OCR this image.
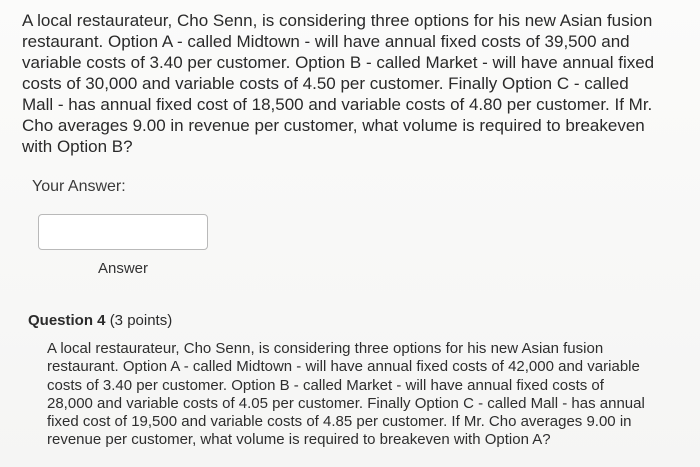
A local restaurateur, Cho Senn, is considering three options for his new Asian fusion restaurant. Option A - called Midtown - will have annual fixed costs of 39,500 and variable costs of 3.40 per customer. Option B - called Market - will have annual fixed costs of 30,000 and variable costs of 4.50 per customer. Finally Option C - called Mall - has annual fixed cost of 18,500 and variable costs of 4.80 per customer. If Mr. Cho averages 9.00 in revenue per customer, what volume is required to breakeven with Option B?
Your Answer:
Answer
Question 4 (3 points)
A local restaurateur, Cho Senn, is considering three options for his new Asian fusion restaurant. Option A - called Midtown - will have annual fixed costs of 42,000 and variable costs of 3.40 per customer. Option B - called Market - will have annual fixed costs of 28,000 and variable costs of 4.05 per customer. Finally Option C - called Mall - has annual fixed cost of 19,500 and variable costs of 4.85 per customer. If Mr. Cho averages 9.00 in revenue per customer, what volume is required to breakeven with Option A?
